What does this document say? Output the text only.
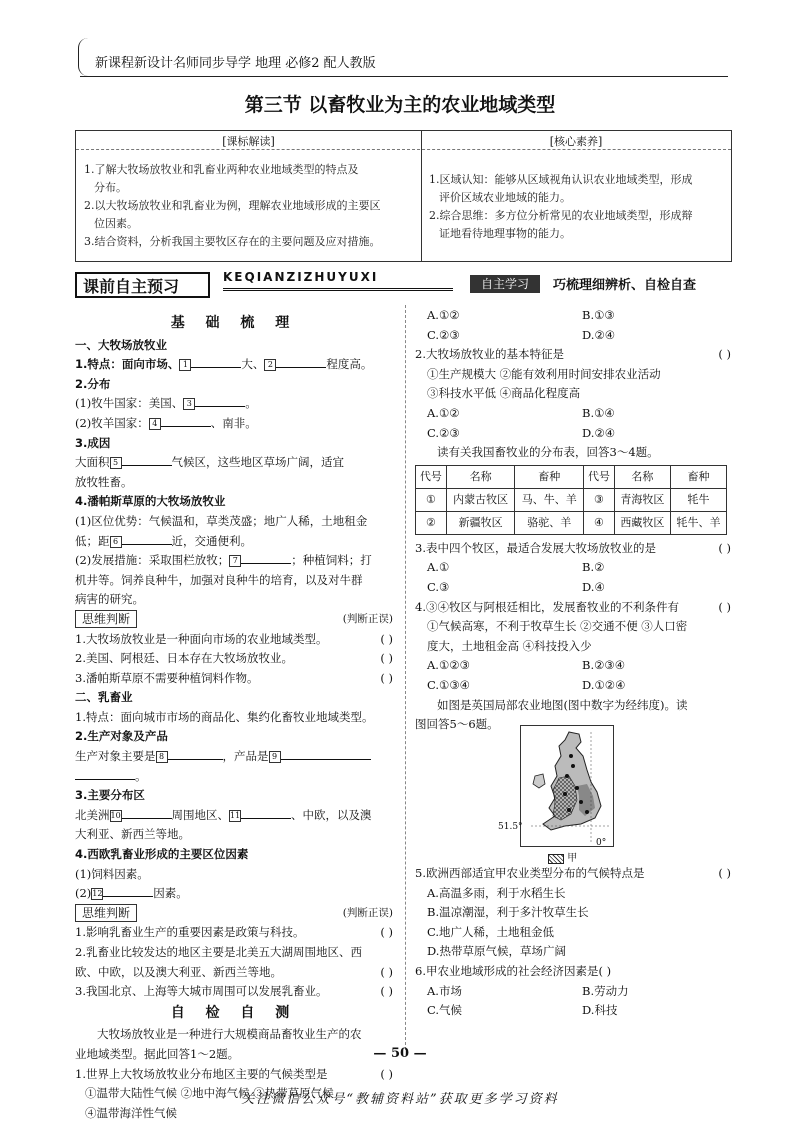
新课程新设计名师同步导学 地理 必修2 配人教版
第三节 以畜牧业为主的农业地域类型
[课标解读]	[核心素养]
1.了解大牧场放牧业和乳畜业两种农业地域类型的特点及
分布。
2.以大牧场放牧业和乳畜业为例，理解农业地域形成的主要区
位因素。
3.结合资料，分析我国主要牧区存在的主要问题及应对措施。
1.区域认知：能够从区域视角认识农业地域类型，形成
评价区域农业地域的能力。
2.综合思维：多方位分析常见的农业地域类型，形成辩
证地看待地理事物的能力。
课前自主预习	KEQIANZIZHUYUXI	自主学习	巧梳理细辨析、自检自查
基 础 梳 理
一、大牧场放牧业
1.特点：面向市场、 1	大、 2	程度高。
2.分布
(1)牧牛国家：美国、 3	。
(2)牧羊国家： 4	、南非。
3.成因
大面积 5	气候区，这些地区草场广阔，适宜
放牧牲畜。
4.潘帕斯草原的大牧场放牧业
(1)区位优势：气候温和，草类茂盛；地广人稀，土地租金
低；距 6	近，交通便利。
(2)发展措施：采取围栏放牧； 7	；种植饲料；打
机井等。饲养良种牛，加强对良种牛的培育，以及对牛群
病害的研究。
思维判断	(判断正误)
1.大牧场放牧业是一种面向市场的农业地域类型。	( )
2.美国、阿根廷、日本存在大牧场放牧业。	( )
3.潘帕斯草原不需要种植饲料作物。	( )
二、乳畜业
1.特点：面向城市市场的商品化、集约化畜牧业地域类型。
2.生产对象及产品
生产对象主要是 8	，产品是 9
。
3.主要分布区
北美洲10	周围地区、11	、中欧，以及澳
大利亚、新西兰等地。
4.西欧乳畜业形成的主要区位因素
(1)饲料因素。
(2)12	因素。
思维判断	(判断正误)
1.影响乳畜业生产的重要因素是政策与科技。	( )
2.乳畜业比较发达的地区主要是北美五大湖周围地区、西
欧、中欧，以及澳大利亚、新西兰等地。	( )
3.我国北京、上海等大城市周围可以发展乳畜业。	( )
自 检 自 测
大牧场放牧业是一种进行大规模商品畜牧业生产的农
业地域类型。据此回答1～2题。
1.世界上大牧场放牧业分布地区主要的气候类型是	( )
①温带大陆性气候 ②地中海气候 ③热带草原气候
④温带海洋性气候
A.①②	B.①③
C.②③	D.②④
2.大牧场放牧业的基本特征是	( )
①生产规模大 ②能有效利用时间安排农业活动
③科技水平低 ④商品化程度高
A.①②	B.①④
C.②③	D.②④
读有关我国畜牧业的分布表，回答3～4题。
代号	名称	畜种	代号	名称	畜种
①	内蒙古牧区	马、牛、羊	③	青海牧区	牦牛
②	新疆牧区	骆驼、羊	④	西藏牧区	牦牛、羊
3.表中四个牧区，最适合发展大牧场放牧业的是	( )
A.①	B.②
C.③	D.④
4.③④牧区与阿根廷相比，发展畜牧业的不利条件有	( )
①气候高寒，不利于牧草生长 ②交通不便 ③人口密
度大，土地租金高 ④科技投入少
A.①②③	B.②③④
C.①③④	D.①②④
如图是英国局部农业地图(图中数字为经纬度)。读
图回答5～6题。
51.5°
0°
甲
5.欧洲西部适宜甲农业类型分布的气候特点是	( )
A.高温多雨，利于水稻生长
B.温凉潮湿，利于多汁牧草生长
C.地广人稀，土地租金低
D.热带草原气候，草场广阔
6.甲农业地域形成的社会经济因素是( )
A.市场	B.劳动力
C.气候	D.科技
— 50 —
关注微信公众号“教辅资料站”获取更多学习资料
